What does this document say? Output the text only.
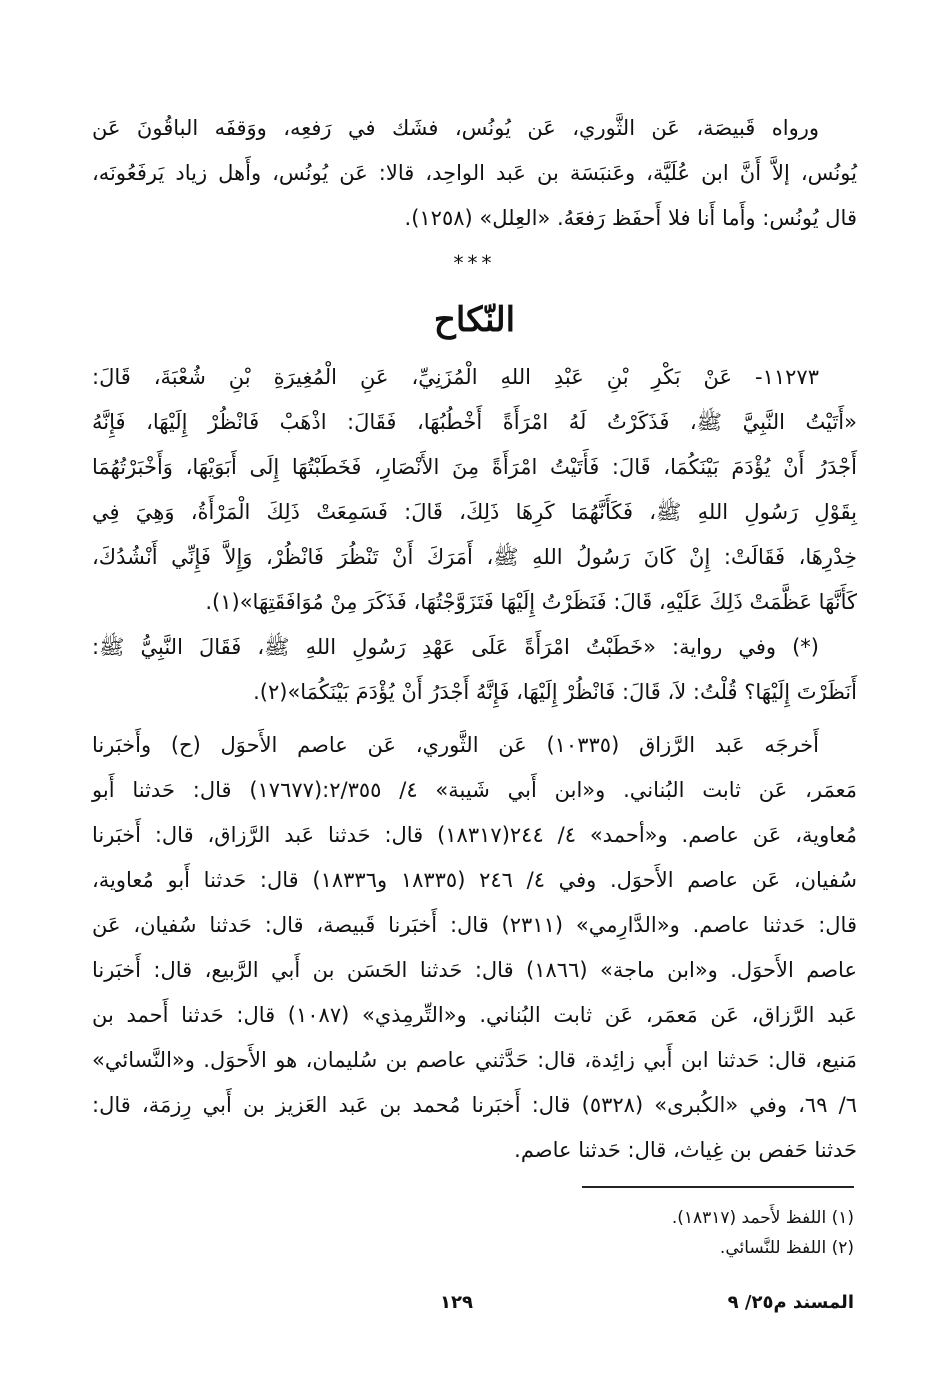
ورواه قَبيصَة، عَن الثَّوري، عَن يُونُس، فشَك في رَفعِه، ووَقفَه الباقُونَ عَن
يُونُس، إلاَّ أَنَّ ابن عُلَيَّة، وعَنبَسَة بن عَبد الواحِد، قالا: عَن يُونُس، وأَهل زياد يَرفَعُونَه،
قال يُونُس: وأَما أَنا فلا أَحفَظ رَفعَهُ. «العِلل» (١٢٥٨).
***
النّكاح
١١٢٧٣- عَنْ بَكْرِ بْنِ عَبْدِ اللهِ الْمُزَنِيِّ، عَنِ الْمُغِيرَةِ بْنِ شُعْبَةَ، قَالَ:
«أَتَيْتُ النَّبِيَّ ﷺ، فَذَكَرْتُ لَهُ امْرَأَةً أَخْطُبُهَا، فَقَالَ: اذْهَبْ فَانْظُرْ إِلَيْهَا، فَإِنَّهُ
أَجْدَرُ أَنْ يُؤْدَمَ بَيْنَكُمَا، قَالَ: فَأَتَيْتُ امْرَأَةً مِنَ الأَنْصَارِ، فَخَطَبْتُهَا إِلَى أَبَوَيْهَا، وَأَخْبَرْتُهُمَا
بِقَوْلِ رَسُولِ اللهِ ﷺ، فَكَأَنَّهُمَا كَرِهَا ذَلِكَ، قَالَ: فَسَمِعَتْ ذَلِكَ الْمَرْأَةُ، وَهِيَ فِي
خِدْرِهَا، فَقَالَتْ: إِنْ كَانَ رَسُولُ اللهِ ﷺ، أَمَرَكَ أَنْ تَنْظُرَ فَانْظُرْ، وَإِلاَّ فَإِنِّي أَنْشُدُكَ،
كَأَنَّهَا عَظَّمَتْ ذَلِكَ عَلَيْهِ، قَالَ: فَنَظَرْتُ إِلَيْهَا فَتَزَوَّجْتُهَا، فَذَكَرَ مِنْ مُوَافَقَتِهَا»(١).
(*) وفي رواية: «خَطَبْتُ امْرَأَةً عَلَى عَهْدِ رَسُولِ اللهِ ﷺ، فَقَالَ النَّبِيُّ ﷺ:
أَنَظَرْتَ إِلَيْهَا؟ قُلْتُ: لاَ، قَالَ: فَانْظُرْ إِلَيْهَا، فَإِنَّهُ أَجْدَرُ أَنْ يُؤْدَمَ بَيْنَكُمَا»(٢).
أَخرجَه عَبد الرَّزاق (١٠٣٣٥) عَن الثَّوري، عَن عاصم الأَحوَل (ح) وأَخبَرنا
مَعمَر، عَن ثابت البُناني. و«ابن أَبي شَيبة» ٤/ ٢/٣٥٥:(١٧٦٧٧) قال: حَدثنا أَبو
مُعاوية، عَن عاصم. و«أحمد» ٤/ ٢٤٤(١٨٣١٧) قال: حَدثنا عَبد الرَّزاق، قال: أَخبَرنا
سُفيان، عَن عاصم الأَحوَل. وفي ٤/ ٢٤٦ (١٨٣٣٥ و١٨٣٣٦) قال: حَدثنا أَبو مُعاوية،
قال: حَدثنا عاصم. و«الدَّارِمي» (٢٣١١) قال: أَخبَرنا قَبيصة، قال: حَدثنا سُفيان، عَن
عاصم الأَحوَل. و«ابن ماجة» (١٨٦٦) قال: حَدثنا الحَسَن بن أَبي الرَّبيع، قال: أَخبَرنا
عَبد الرَّزاق، عَن مَعمَر، عَن ثابت البُناني. و«التِّرمِذي» (١٠٨٧) قال: حَدثنا أَحمد بن
مَنيع، قال: حَدثنا ابن أَبي زائِدة، قال: حَدَّثني عاصم بن سُليمان، هو الأَحوَل. و«النَّسائي»
٦/ ٦٩، وفي «الكُبرى» (٥٣٢٨) قال: أَخبَرنا مُحمد بن عَبد العَزيز بن أَبي رِزمَة، قال:
حَدثنا حَفص بن غِياث، قال: حَدثنا عاصم.
(١) اللفظ لأَحمد (١٨٣١٧).
(٢) اللفظ للنَّسائي.
المسند م٢٥/ ٩
١٢٩
